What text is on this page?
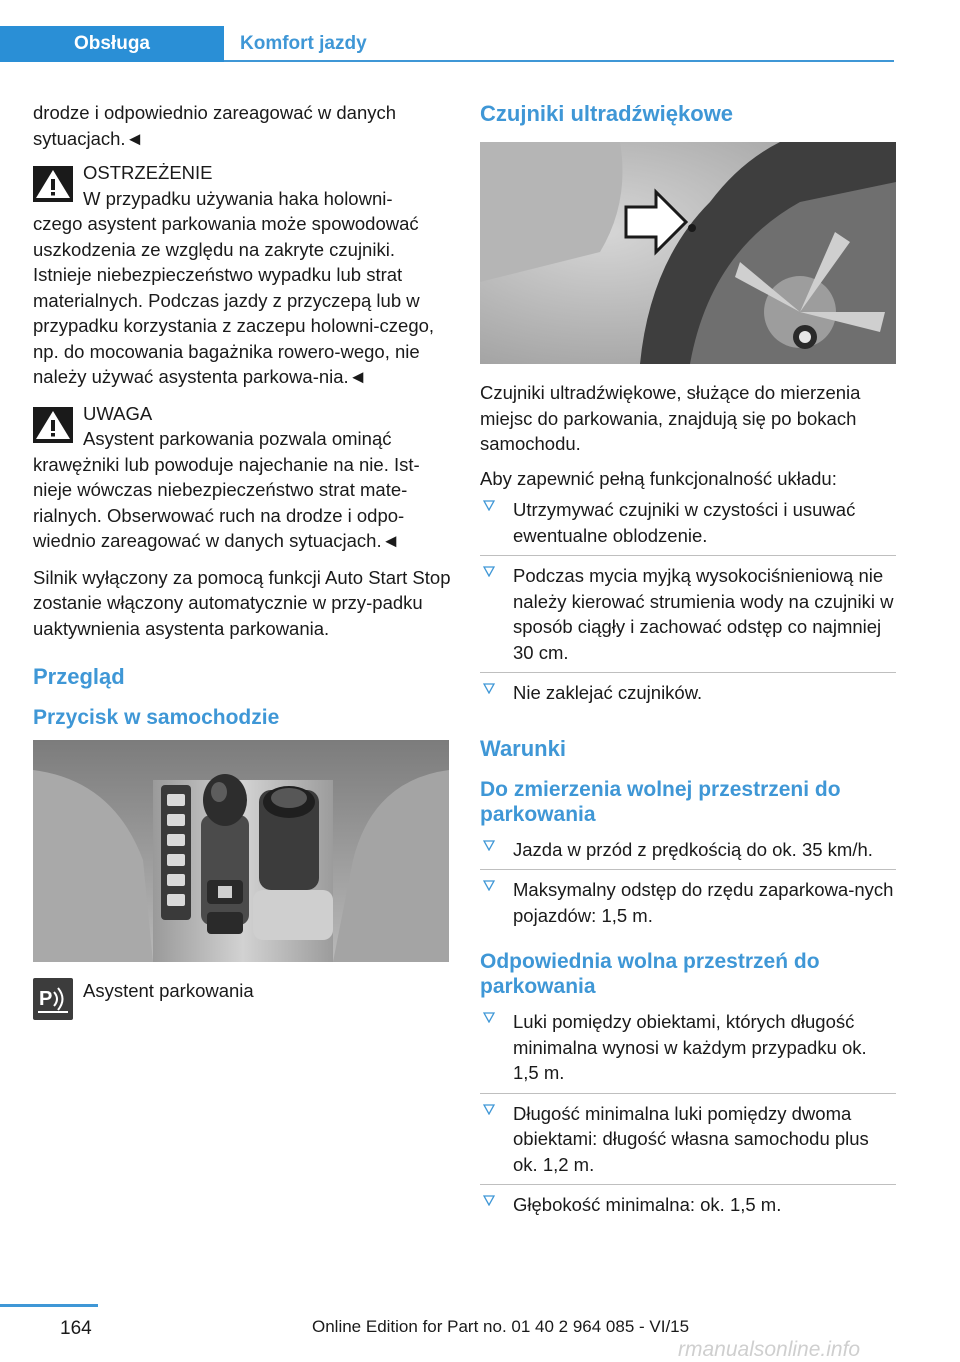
Obsługa	Komfort jazdy

drodze i odpowiednio zareagować w danych sytuacjach.◄

OSTRZEŻENIE
W przypadku używania haka holowni‐
czego asystent parkowania może spowodować uszkodzenia ze względu na zakryte czujniki. Istnieje niebezpieczeństwo wypadku lub strat materialnych. Podczas jazdy z przyczepą lub w przypadku korzystania z zaczepu holowni‐czego, np. do mocowania bagażnika rowero‐wego, nie należy używać asystenta parkowa‐nia.◄
UWAGA
Asystent parkowania pozwala ominąć
krawężniki lub powoduje najechanie na nie. Ist‐nieje wówczas niebezpieczeństwo strat mate‐rialnych. Obserwować ruch na drodze i odpo‐wiednio zareagować w danych sytuacjach.◄

Silnik wyłączony za pomocą funkcji Auto Start Stop zostanie włączony automatycznie w przy‐padku uaktywnienia asystenta parkowania.

Przegląd
Przycisk w samochodzie
P Asystent parkowania
Czujniki ultradźwiękowe

Czujniki ultradźwiękowe, służące do mierzenia miejsc do parkowania, znajdują się po bokach samochodu.

Aby zapewnić pełną funkcjonalność układu:

Utrzymywać czujniki w czystości i usuwać ewentualne oblodzenie.
Podczas mycia myjką wysokociśnieniową nie należy kierować strumienia wody na czujniki w sposób ciągły i zachować odstęp co najmniej 30 cm.
Nie zaklejać czujników.
Warunki
Do zmierzenia wolnej przestrzeni do parkowania
Jazda w przód z prędkością do ok. 35 km/h.
Maksymalny odstęp do rzędu zaparkowa‐nych pojazdów: 1,5 m.
Odpowiednia wolna przestrzeń do parkowania
Luki pomiędzy obiektami, których długość minimalna wynosi w każdym przypadku ok. 1,5 m.
Długość minimalna luki pomiędzy dwoma obiektami: długość własna samochodu plus ok. 1,2 m.
Głębokość minimalna: ok. 1,5 m.
164	Online Edition for Part no. 01 40 2 964 085 - VI/15
rmanualsonline.info
